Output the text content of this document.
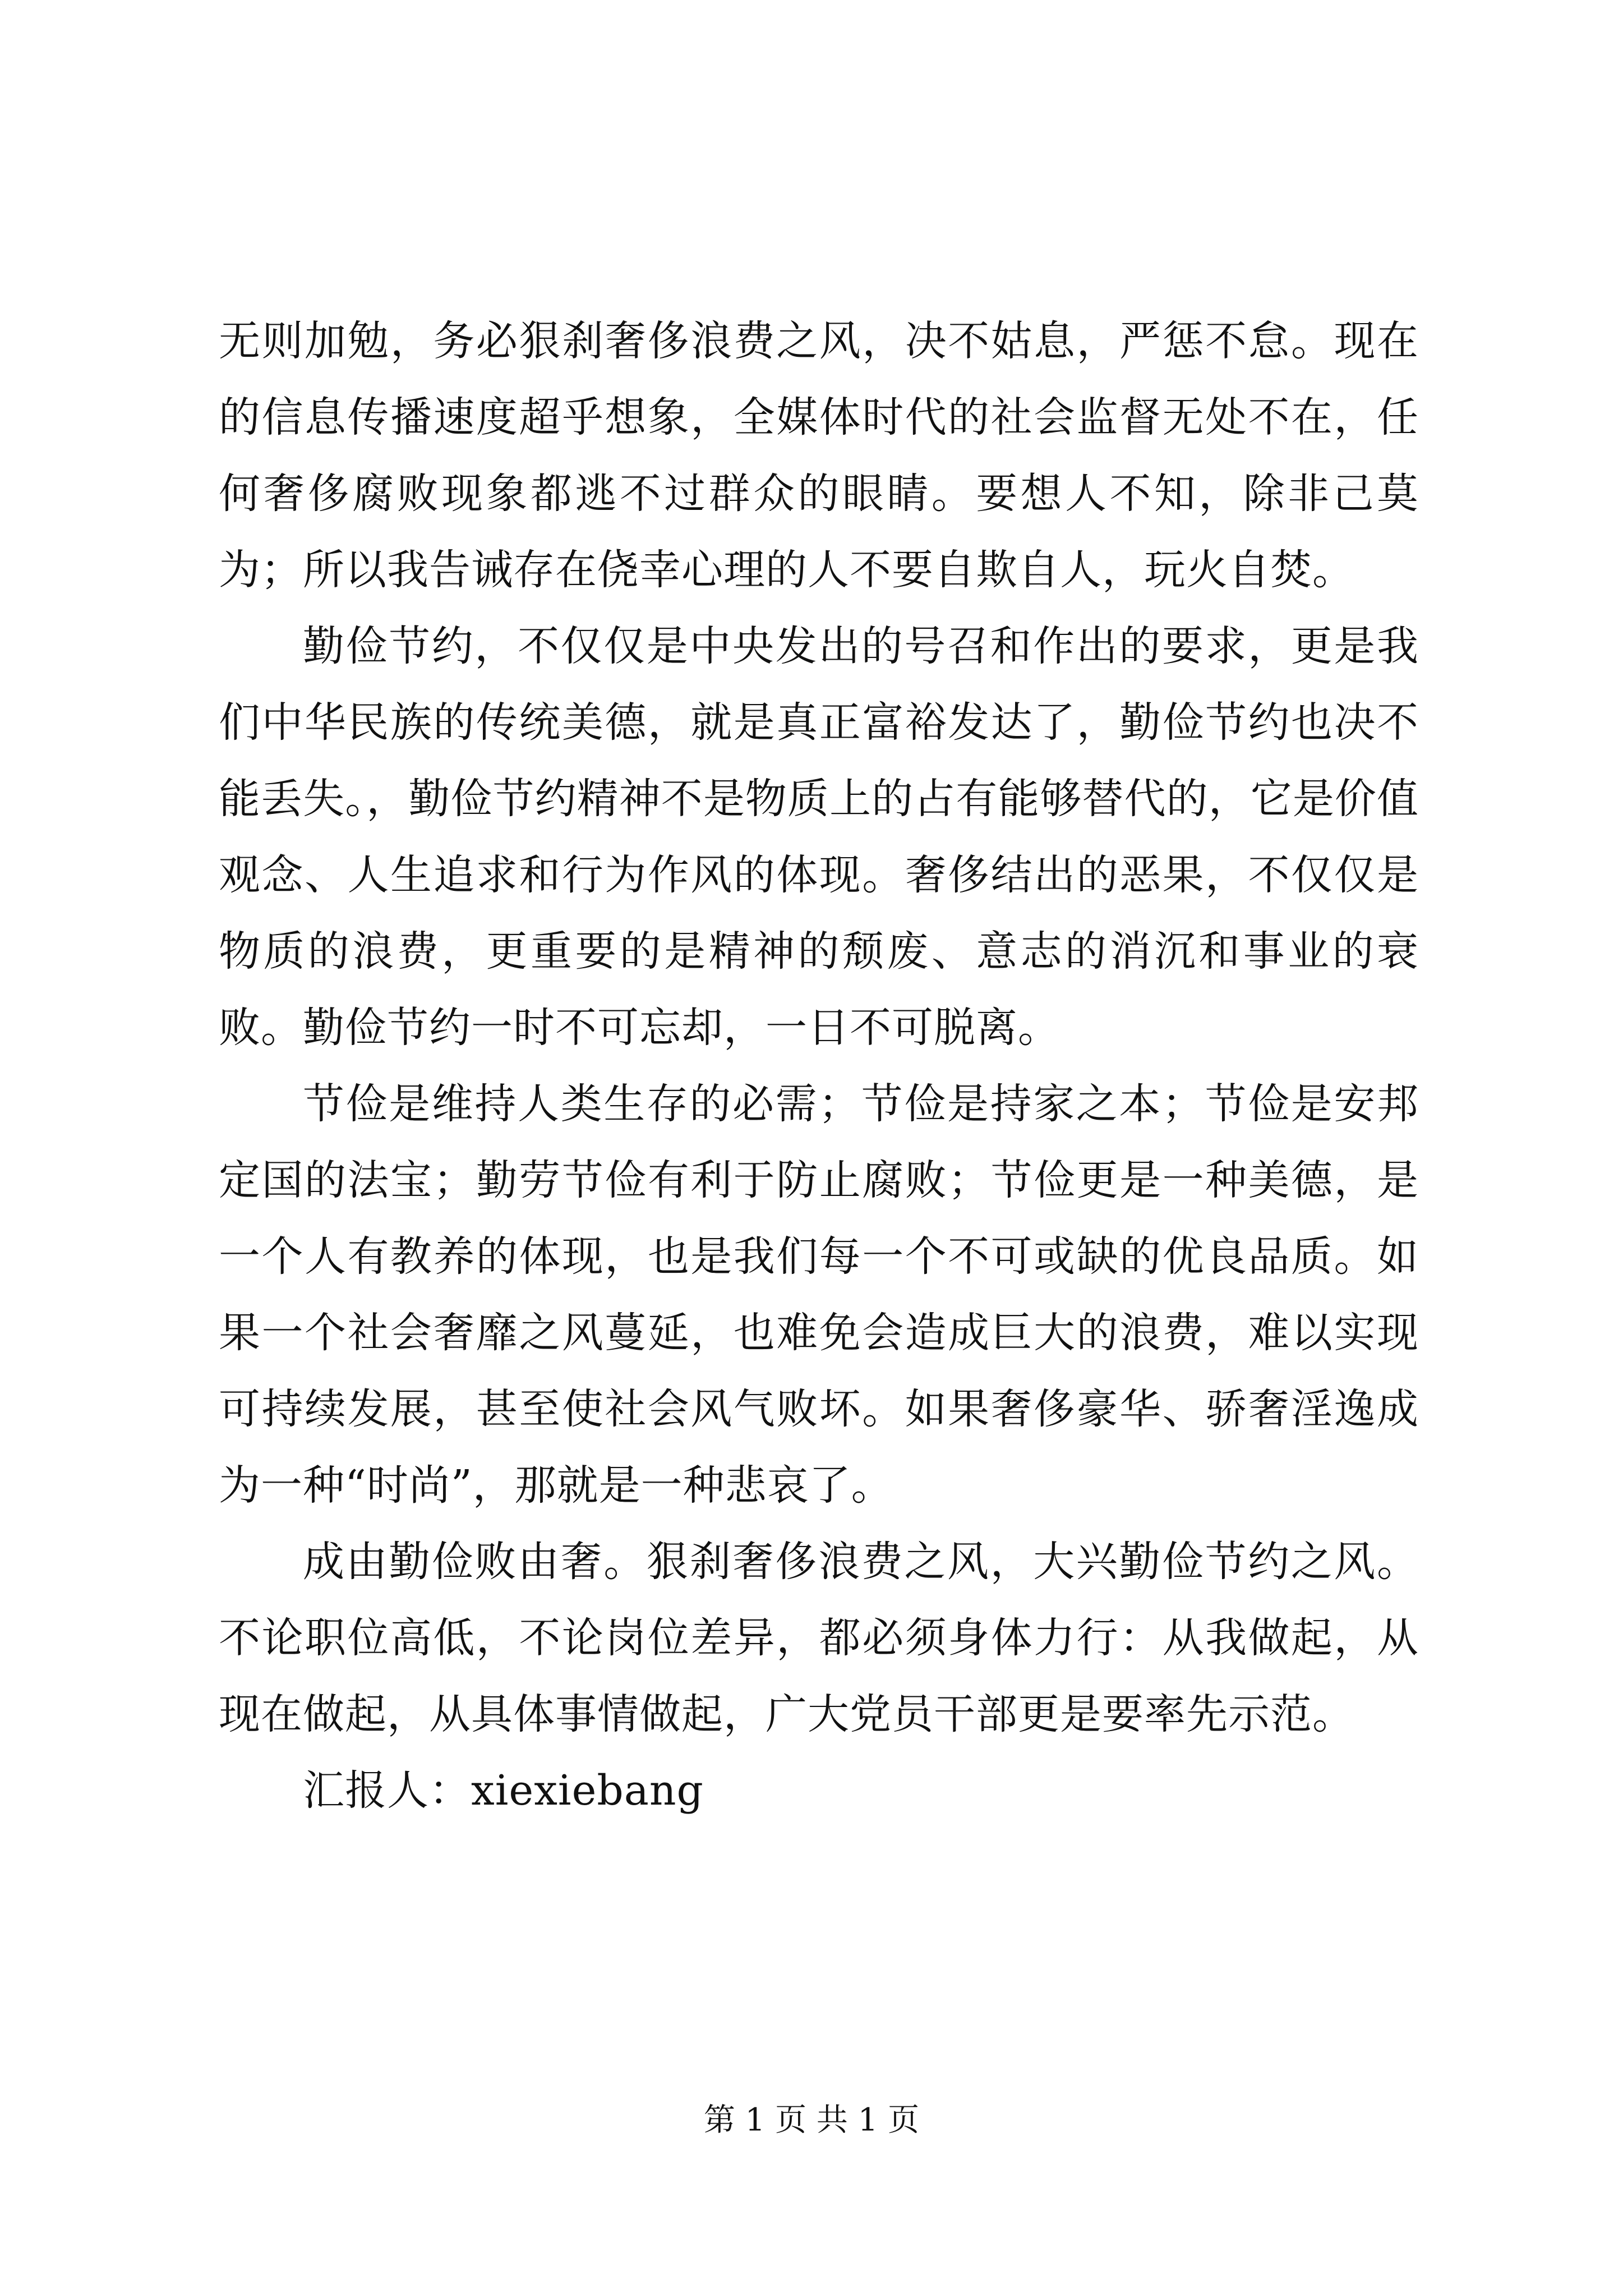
无则加勉，务必狠刹奢侈浪费之风，决不姑息，严惩不怠。现在的信息传播速度超乎想象，全媒体时代的社会监督无处不在，任何奢侈腐败现象都逃不过群众的眼睛。要想人不知，除非己莫为；所以我告诫存在侥幸心理的人不要自欺自人，玩火自焚。

勤俭节约，不仅仅是中央发出的号召和作出的要求，更是我们中华民族的传统美德，就是真正富裕发达了，勤俭节约也决不能丢失。，勤俭节约精神不是物质上的占有能够替代的，它是价值观念、人生追求和行为作风的体现。奢侈结出的恶果，不仅仅是物质的浪费，更重要的是精神的颓废、意志的消沉和事业的衰败。勤俭节约一时不可忘却，一日不可脱离。

节俭是维持人类生存的必需；节俭是持家之本；节俭是安邦定国的法宝；勤劳节俭有利于防止腐败；节俭更是一种美德，是一个人有教养的体现，也是我们每一个不可或缺的优良品质。如果一个社会奢靡之风蔓延，也难免会造成巨大的浪费，难以实现可持续发展，甚至使社会风气败坏。如果奢侈豪华、骄奢淫逸成为一种“时尚”，那就是一种悲哀了。

成由勤俭败由奢。狠刹奢侈浪费之风，大兴勤俭节约之风。不论职位高低，不论岗位差异，都必须身体力行：从我做起，从现在做起，从具体事情做起，广大党员干部更是要率先示范。

汇报人：xiexiebang

第 1 页 共 1 页
